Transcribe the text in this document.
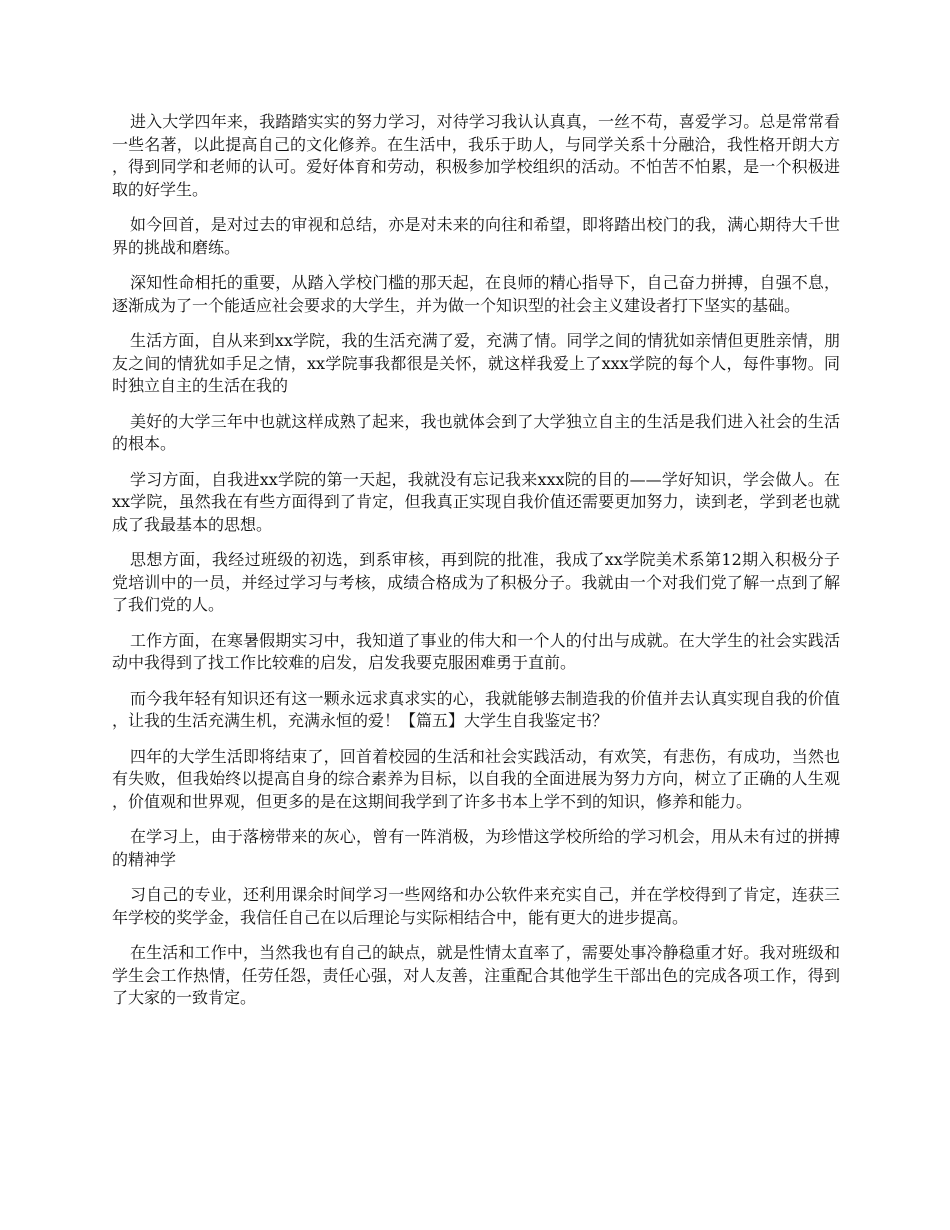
进入大学四年来，我踏踏实实的努力学习，对待学习我认认真真，一丝不苟，喜爱学习。总是常常看一些名著，以此提高自己的文化修养。在生活中，我乐于助人，与同学关系十分融洽，我性格开朗大方，得到同学和老师的认可。爱好体育和劳动，积极参加学校组织的活动。不怕苦不怕累，是一个积极进取的好学生。

如今回首，是对过去的审视和总结，亦是对未来的向往和希望，即将踏出校门的我，满心期待大千世界的挑战和磨练。

深知性命相托的重要，从踏入学校门槛的那天起，在良师的精心指导下，自己奋力拼搏，自强不息，逐渐成为了一个能适应社会要求的大学生，并为做一个知识型的社会主义建设者打下坚实的基础。

生活方面，自从来到xx学院，我的生活充满了爱，充满了情。同学之间的情犹如亲情但更胜亲情，朋友之间的情犹如手足之情，xx学院事我都很是关怀，就这样我爱上了xxx学院的每个人，每件事物。同时独立自主的生活在我的

美好的大学三年中也就这样成熟了起来，我也就体会到了大学独立自主的生活是我们进入社会的生活的根本。

学习方面，自我进xx学院的第一天起，我就没有忘记我来xxx院的目的——学好知识，学会做人。在xx学院，虽然我在有些方面得到了肯定，但我真正实现自我价值还需要更加努力，读到老，学到老也就成了我最基本的思想。

思想方面，我经过班级的初选，到系审核，再到院的批准，我成了xx学院美术系第12期入积极分子党培训中的一员，并经过学习与考核，成绩合格成为了积极分子。我就由一个对我们党了解一点到了解了我们党的人。

工作方面，在寒暑假期实习中，我知道了事业的伟大和一个人的付出与成就。在大学生的社会实践活动中我得到了找工作比较难的启发，启发我要克服困难勇于直前。

而今我年轻有知识还有这一颗永远求真求实的心，我就能够去制造我的价值并去认真实现自我的价值，让我的生活充满生机，充满永恒的爱！【篇五】大学生自我鉴定书？

四年的大学生活即将结束了，回首着校园的生活和社会实践活动，有欢笑，有悲伤，有成功，当然也有失败，但我始终以提高自身的综合素养为目标，以自我的全面进展为努力方向，树立了正确的人生观，价值观和世界观，但更多的是在这期间我学到了许多书本上学不到的知识，修养和能力。

在学习上，由于落榜带来的灰心，曾有一阵消极，为珍惜这学校所给的学习机会，用从未有过的拼搏的精神学

习自己的专业，还利用课余时间学习一些网络和办公软件来充实自己，并在学校得到了肯定，连获三年学校的奖学金，我信任自己在以后理论与实际相结合中，能有更大的进步提高。

在生活和工作中，当然我也有自己的缺点，就是性情太直率了，需要处事冷静稳重才好。我对班级和学生会工作热情，任劳任怨，责任心强，对人友善，注重配合其他学生干部出色的完成各项工作，得到了大家的一致肯定。
